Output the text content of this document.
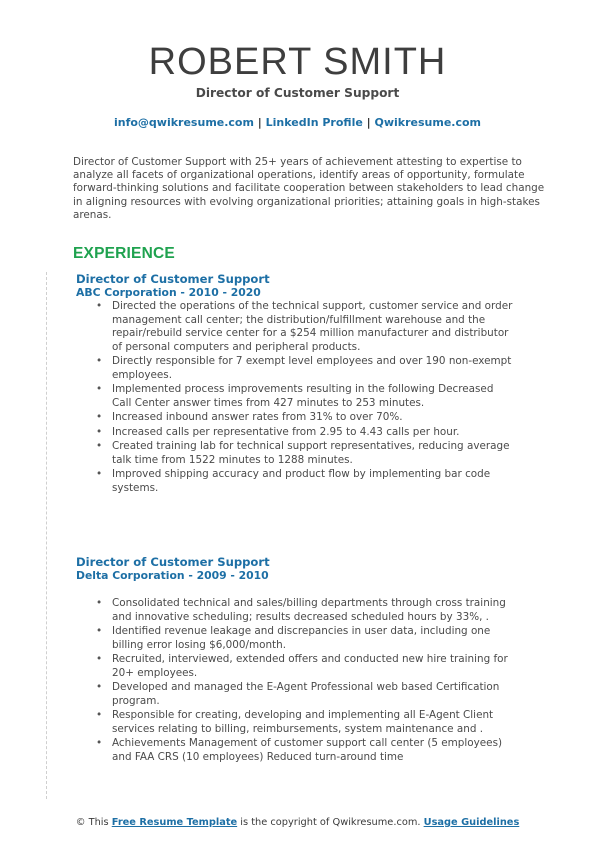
ROBERT SMITH
Director of Customer Support
info@qwikresume.com | LinkedIn Profile | Qwikresume.com

Director of Customer Support with 25+ years of achievement attesting to expertise to analyze all facets of organizational operations, identify areas of opportunity, formulate forward-thinking solutions and facilitate cooperation between stakeholders to lead change in aligning resources with evolving organizational priorities; attaining goals in high-stakes arenas.

EXPERIENCE
Director of Customer Support
ABC Corporation - 2010 - 2020
• Directed the operations of the technical support, customer service and order management call center; the distribution/fulfillment warehouse and the repair/rebuild service center for a $254 million manufacturer and distributor of personal computers and peripheral products.
• Directly responsible for 7 exempt level employees and over 190 non-exempt employees.
• Implemented process improvements resulting in the following Decreased Call Center answer times from 427 minutes to 253 minutes.
• Increased inbound answer rates from 31% to over 70%.
• Increased calls per representative from 2.95 to 4.43 calls per hour.
• Created training lab for technical support representatives, reducing average talk time from 1522 minutes to 1288 minutes.
• Improved shipping accuracy and product flow by implementing bar code systems.
Director of Customer Support
Delta Corporation - 2009 - 2010
• Consolidated technical and sales/billing departments through cross training and innovative scheduling; results decreased scheduled hours by 33%, .
• Identified revenue leakage and discrepancies in user data, including one billing error losing $6,000/month.
• Recruited, interviewed, extended offers and conducted new hire training for 20+ employees.
• Developed and managed the E-Agent Professional web based Certification program.
• Responsible for creating, developing and implementing all E-Agent Client services relating to billing, reimbursements, system maintenance and .
• Achievements Management of customer support call center (5 employees) and FAA CRS (10 employees) Reduced turn-around time
© This Free Resume Template is the copyright of Qwikresume.com. Usage Guidelines
